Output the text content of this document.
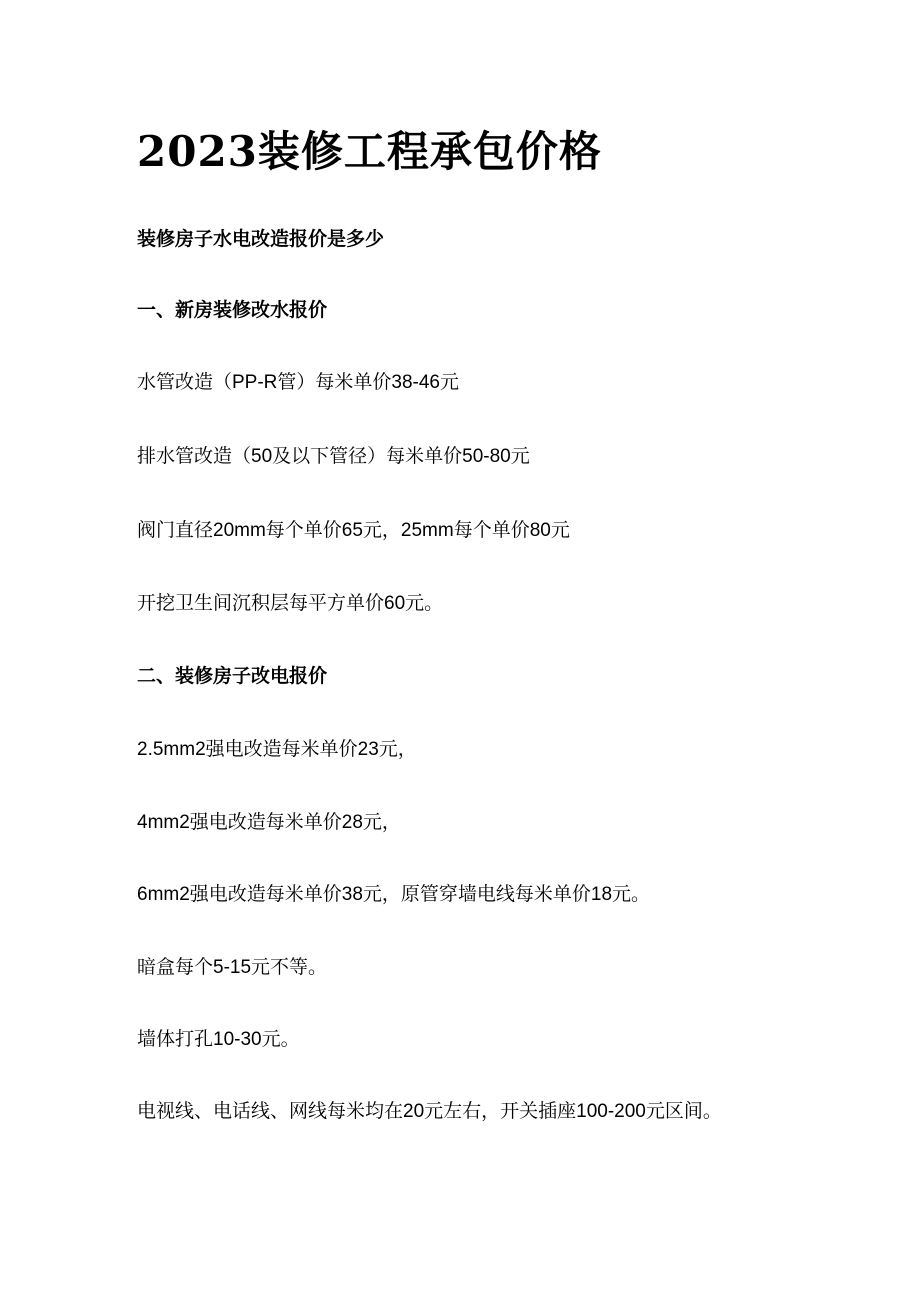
2023装修工程承包价格

装修房子水电改造报价是多少

一、新房装修改水报价

水管改造（PP-R管）每米单价38-46元

排水管改造（50及以下管径）每米单价50-80元

阀门直径20mm每个单价65元，25mm每个单价80元

开挖卫生间沉积层每平方单价60元。

二、装修房子改电报价

2.5mm2强电改造每米单价23元，

4mm2强电改造每米单价28元，

6mm2强电改造每米单价38元，原管穿墙电线每米单价18元。

暗盒每个5-15元不等。

墙体打孔10-30元。

电视线、电话线、网线每米均在20元左右，开关插座100-200元区间。
